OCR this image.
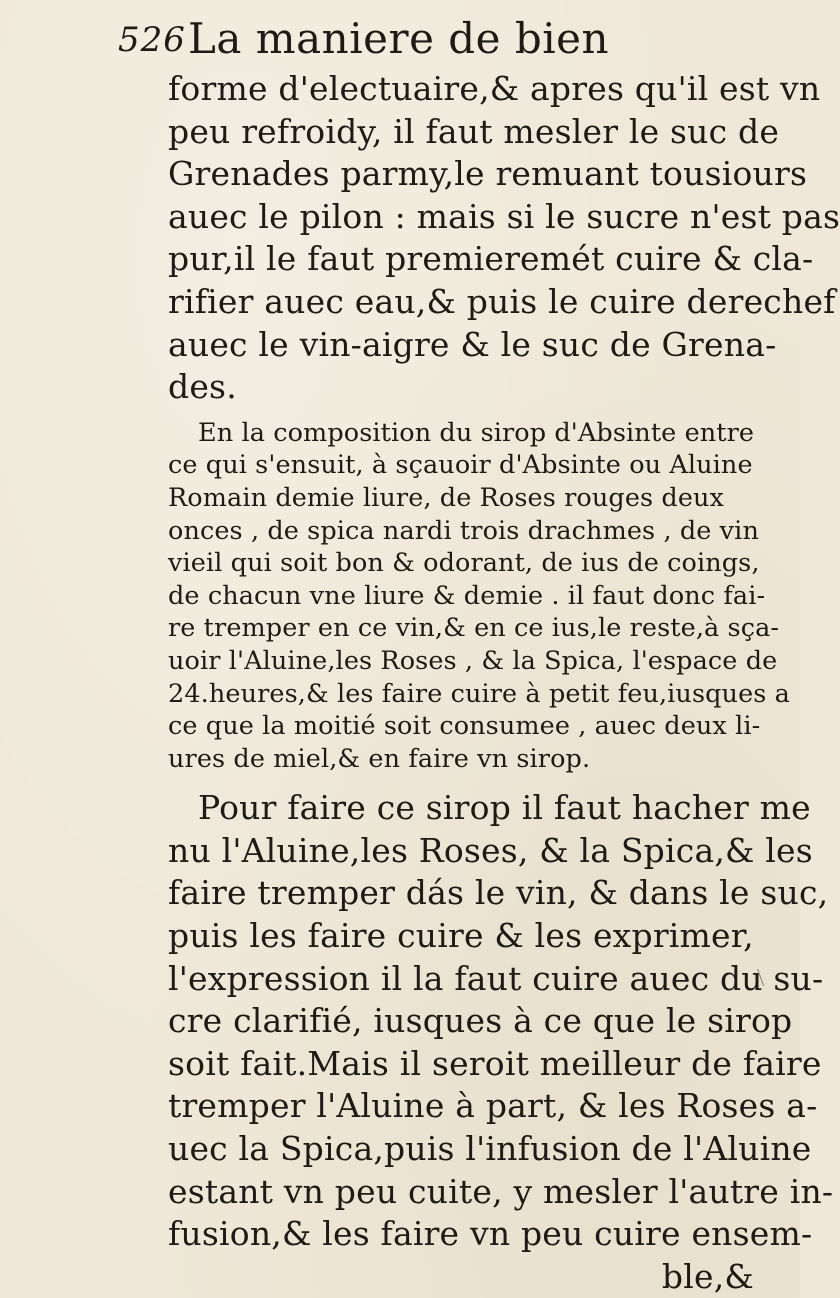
526 La maniere de bien
forme d'electuaire,& apres qu'il est vn
peu refroidy, il faut mesler le suc de
Grenades parmy,le remuant tousiours
auec le pilon : mais si le sucre n'est pas
pur,il le faut premieremét cuire & cla-
rifier auec eau,& puis le cuire derechef
auec le vin-aigre & le suc de Grena-
des.
En la composition du sirop d'Absinte entre
ce qui s'ensuit, à sçauoir d'Absinte ou Aluine
Romain demie liure, de Roses rouges deux
onces , de spica nardi trois drachmes , de vin
vieil qui soit bon & odorant, de ius de coings,
de chacun vne liure & demie . il faut donc fai-
re tremper en ce vin,& en ce ius,le reste,à sça-
uoir l'Aluine,les Roses , & la Spica, l'espace de
24.heures,& les faire cuire à petit feu,iusques a
ce que la moitié soit consumee , auec deux li-
ures de miel,& en faire vn sirop.
Pour faire ce sirop il faut hacher me
nu l'Aluine,les Roses, & la Spica,& les
faire tremper dás le vin, & dans le suc,
puis les faire cuire & les exprimer,
l'expression il la faut cuire auec du su-
cre clarifié, iusques à ce que le sirop
soit fait.Mais il seroit meilleur de faire
tremper l'Aluine à part, & les Roses a-
uec la Spica,puis l'infusion de l'Aluine
estant vn peu cuite, y mesler l'autre in-
fusion,& les faire vn peu cuire ensem-
ble,&
